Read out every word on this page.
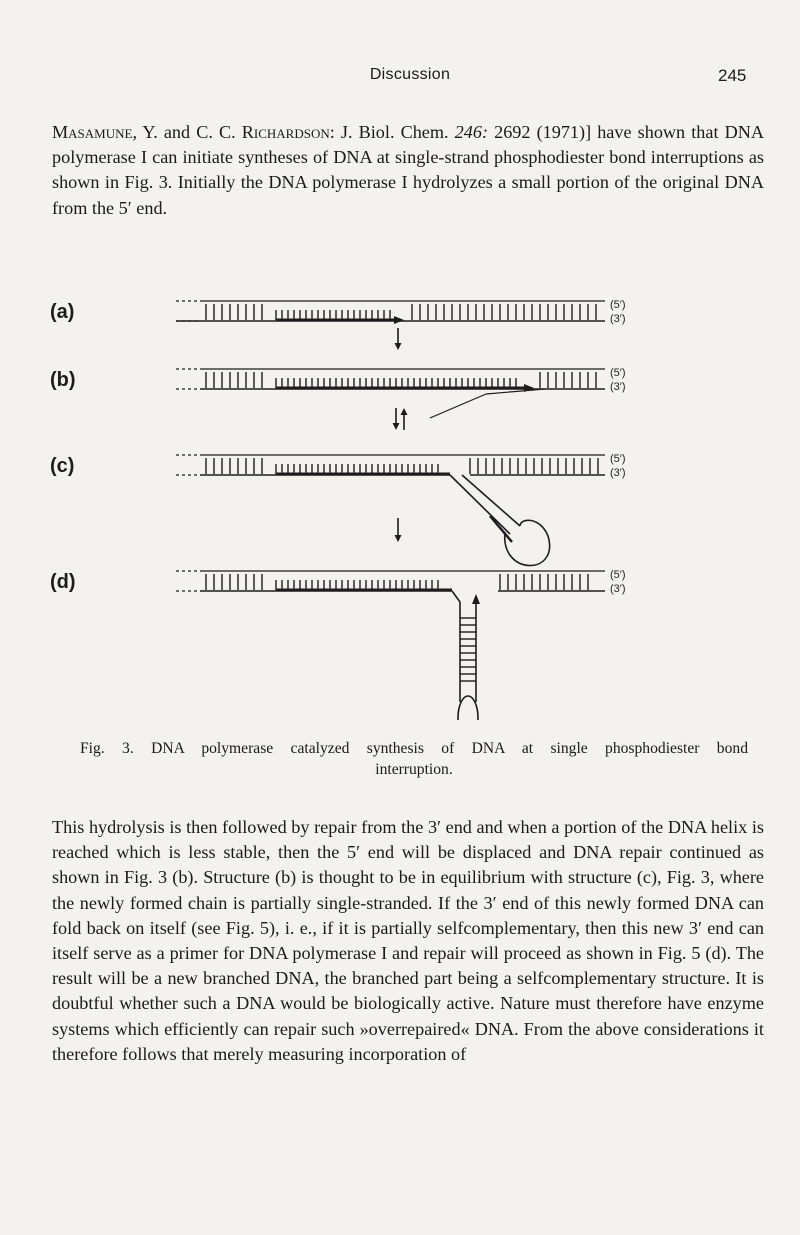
Discussion	245
Masamune, Y. and C. C. Richardson: J. Biol. Chem. 246: 2692 (1971)] have shown that DNA polymerase I can initiate syntheses of DNA at single-strand phosphodiester bond interruptions as shown in Fig. 3. Initially the DNA polymerase I hydrolyzes a small portion of the original DNA from the 5′ end.
(a)	(5′)
(3′)
(b)	(5′)
(3′)
(c)	(5′)
(3′)
(d)	(5′)
(3′)
Fig. 3. DNA polymerase catalyzed synthesis of DNA at single phosphodiester bond
interruption.
This hydrolysis is then followed by repair from the 3′ end and when a portion of the DNA helix is reached which is less stable, then the 5′ end will be displaced and DNA repair continued as shown in Fig. 3 (b). Structure (b) is thought to be in equilibrium with structure (c), Fig. 3, where the newly formed chain is partially single-stranded. If the 3′ end of this newly formed DNA can fold back on itself (see Fig. 5), i. e., if it is partially selfcomplementary, then this new 3′ end can itself serve as a primer for DNA polymerase I and repair will proceed as shown in Fig. 5 (d). The result will be a new branched DNA, the branched part being a selfcomplementary structure. It is doubtful whether such a DNA would be biologically active. Nature must therefore have enzyme systems which efficiently can repair such »overrepaired« DNA. From the above considerations it therefore follows that merely measuring incorporation of
